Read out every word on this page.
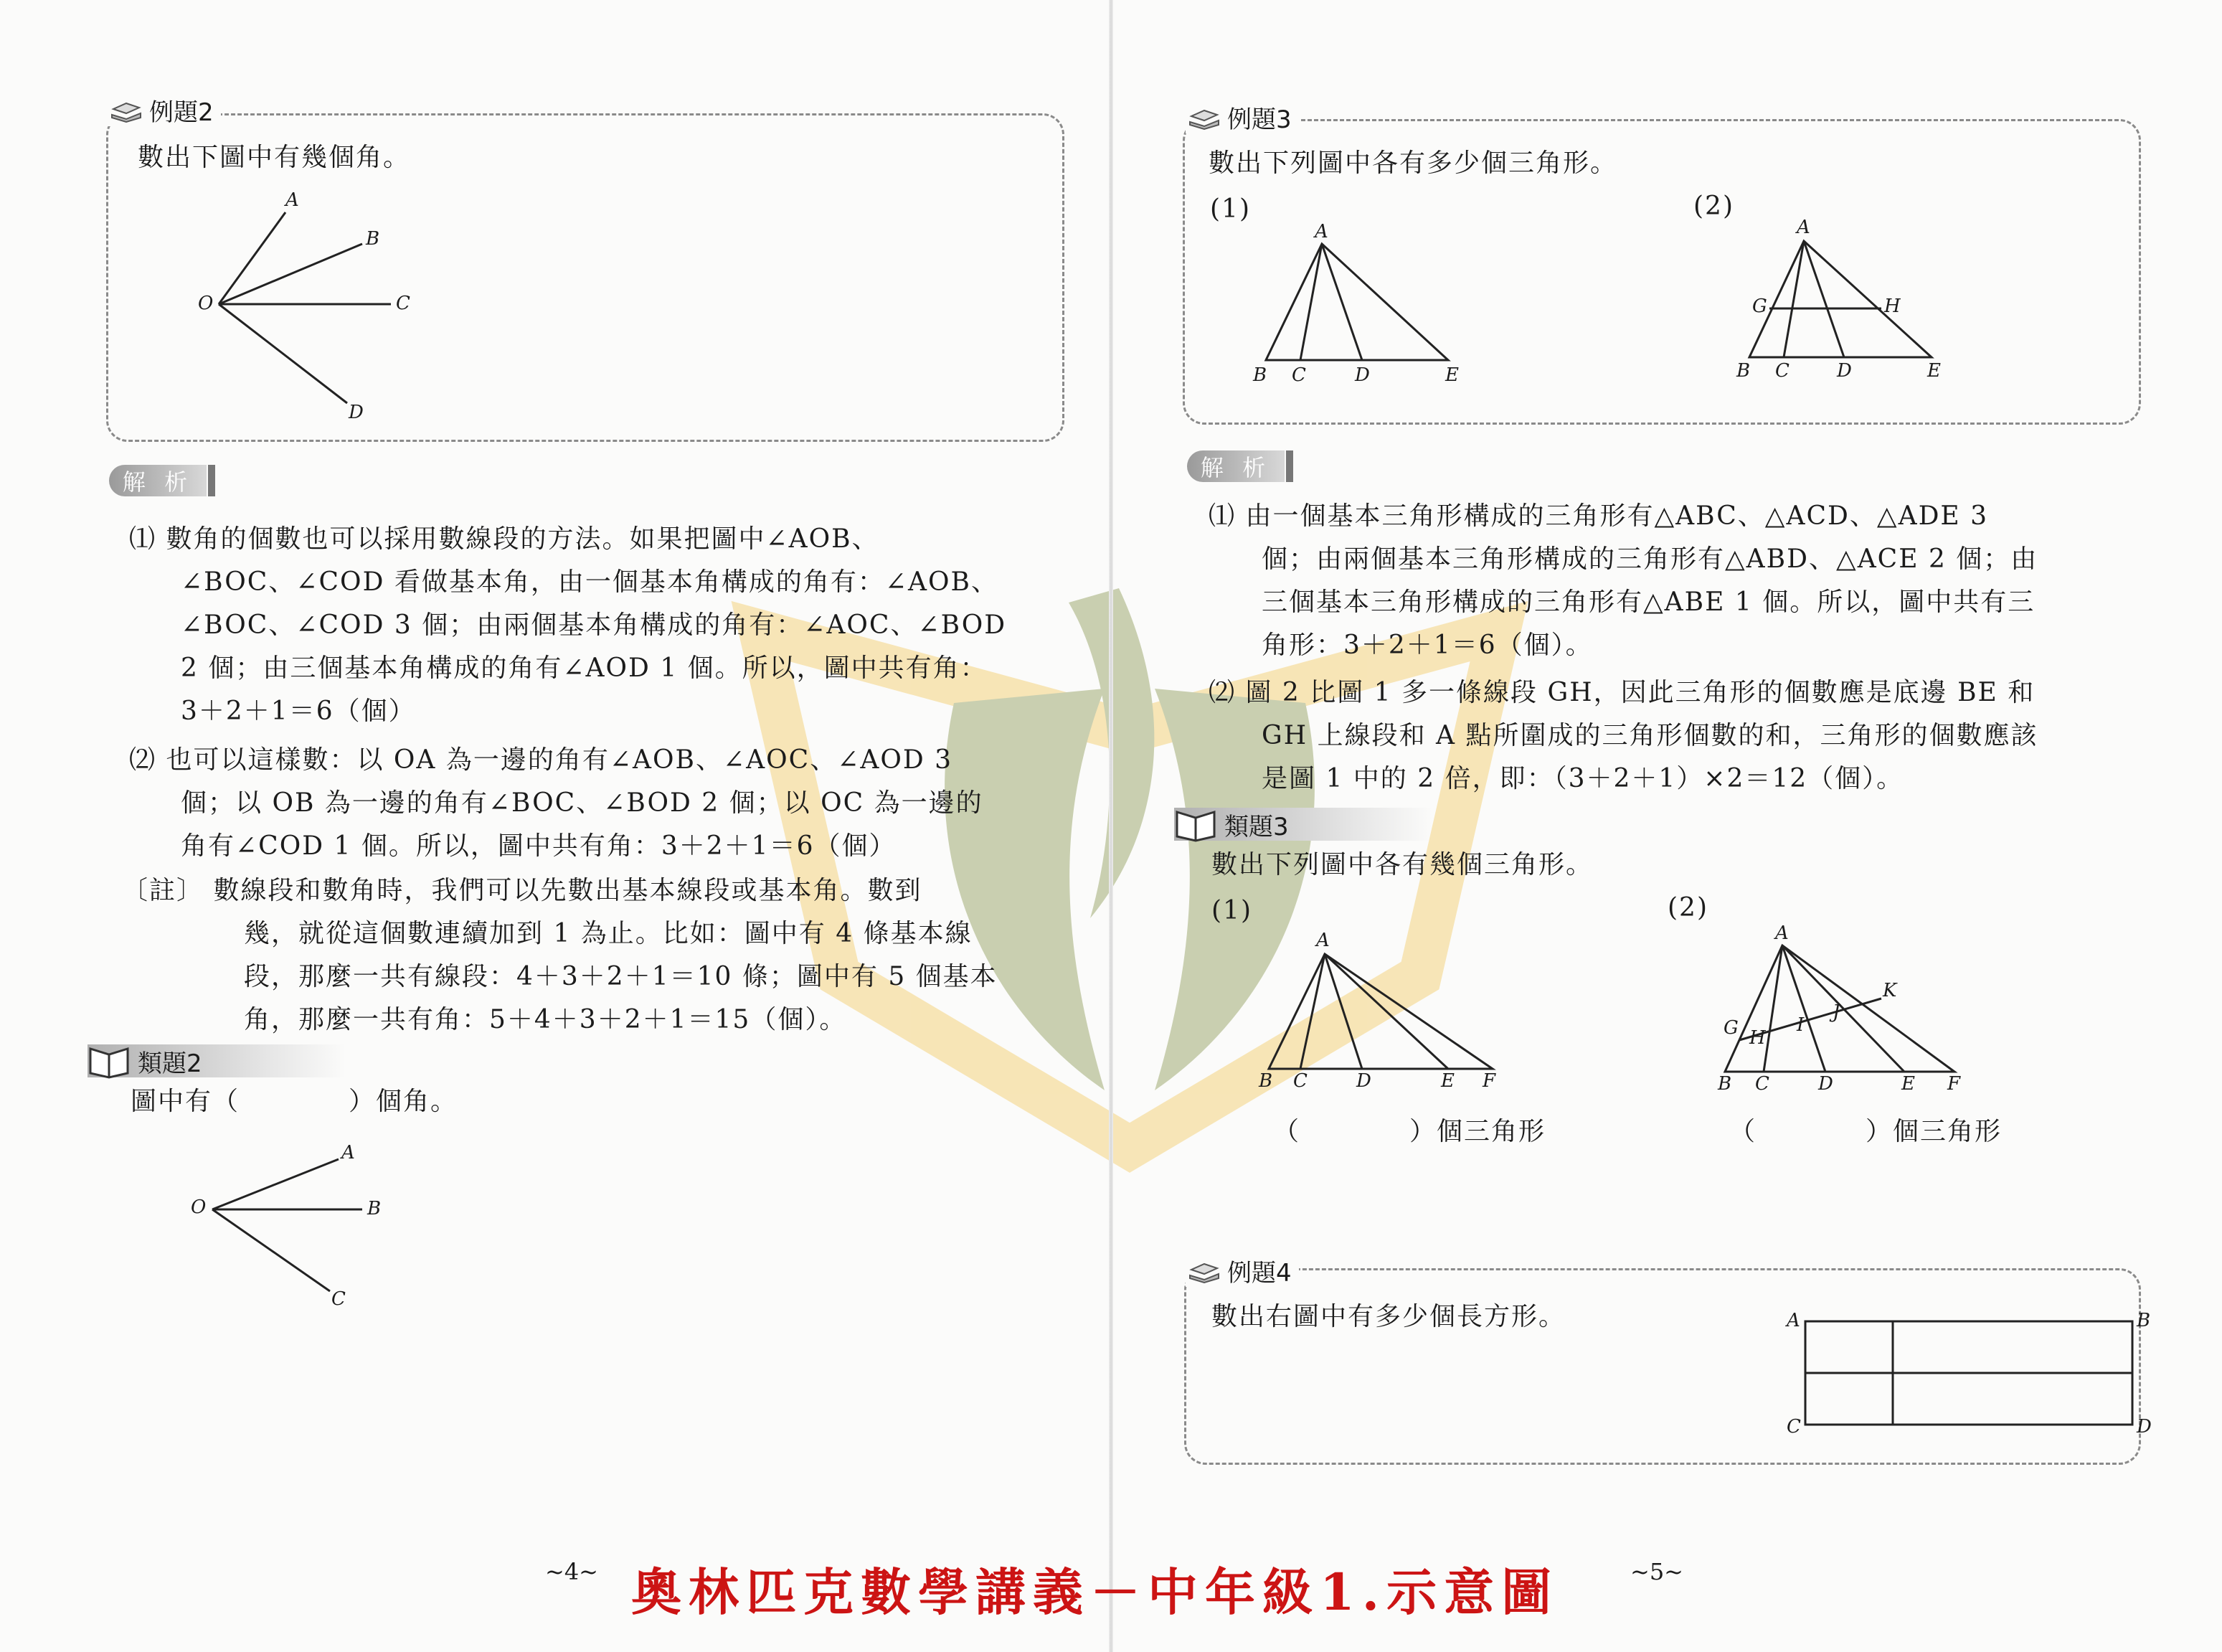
例題2
數出下圖中有幾個角。
A
B
C
D
O
解 析
⑴ 數角的個數也可以採用數線段的方法。如果把圖中∠AOB、
∠BOC、∠COD 看做基本角，由一個基本角構成的角有：∠AOB、
∠BOC、∠COD 3 個；由兩個基本角構成的角有：∠AOC、∠BOD
2 個；由三個基本角構成的角有∠AOD 1 個。所以，圖中共有角：
3＋2＋1＝6（個）
⑵ 也可以這樣數：以 OA 為一邊的角有∠AOB、∠AOC、∠AOD 3
個；以 OB 為一邊的角有∠BOC、∠BOD 2 個；以 OC 為一邊的
角有∠COD 1 個。所以，圖中共有角：3＋2＋1＝6（個）
〔註〕 數線段和數角時，我們可以先數出基本線段或基本角。數到
幾，就從這個數連續加到 1 為止。比如：圖中有 4 條基本線
段，那麼一共有線段：4＋3＋2＋1＝10 條；圖中有 5 個基本
角，那麼一共有角：5＋4＋3＋2＋1＝15（個）。
類題2
圖中有（　　　　）個角。
A
B
C
O
~4~
例題3
數出下列圖中各有多少個三角形。
(1)	(2)
A
B C	D	E
A
G	H
B C	D	E
解 析
⑴ 由一個基本三角形構成的三角形有△ABC、△ACD、△ADE 3
個；由兩個基本三角形構成的三角形有△ABD、△ACE 2 個；由
三個基本三角形構成的三角形有△ABE 1 個。所以，圖中共有三
角形：3＋2＋1＝6（個）。
⑵ 圖 2 比圖 1 多一條線段 GH，因此三角形的個數應是底邊 BE 和
GH 上線段和 A 點所圍成的三角形個數的和，三角形的個數應該
是圖 1 中的 2 倍，即：（3＋2＋1）×2＝12（個）。
類題3
數出下列圖中各有幾個三角形。
(1)	(2)
A
B C	D	E F
A
K
J
I
G H
B C	D	E F
（　　　　）個三角形	（　　　　）個三角形
例題4
數出右圖中有多少個長方形。	A	B
C	D
~5~
奧林匹克數學講義－中年級1.示意圖
